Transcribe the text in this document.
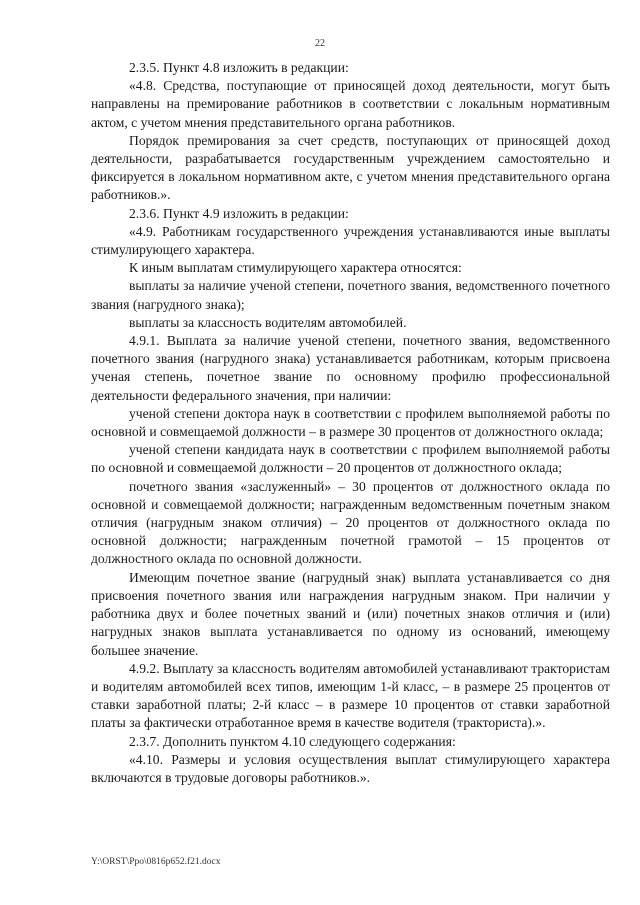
22

2.3.5. Пункт 4.8 изложить в редакции:

«4.8. Средства, поступающие от приносящей доход деятельности, могут быть направлены на премирование работников в соответствии с локальным нормативным актом, с учетом мнения представительного органа работников.

Порядок премирования за счет средств, поступающих от приносящей доход деятельности, разрабатывается государственным учреждением самостоятельно и фиксируется в локальном нормативном акте, с учетом мнения представительного органа работников.».

2.3.6. Пункт 4.9 изложить в редакции:

«4.9. Работникам государственного учреждения устанавливаются иные выплаты стимулирующего характера.

К иным выплатам стимулирующего характера относятся:

выплаты за наличие ученой степени, почетного звания, ведомственного почетного звания (нагрудного знака);

выплаты за классность водителям автомобилей.

4.9.1. Выплата за наличие ученой степени, почетного звания, ведомственного почетного звания (нагрудного знака) устанавливается работникам, которым присвоена ученая степень, почетное звание по основному профилю профессиональной деятельности федерального значения, при наличии:

ученой степени доктора наук в соответствии с профилем выполняемой работы по основной и совмещаемой должности – в размере 30 процентов от должностного оклада;

ученой степени кандидата наук в соответствии с профилем выполняемой работы по основной и совмещаемой должности – 20 процентов от должностного оклада;

почетного звания «заслуженный» – 30 процентов от должностного оклада по основной и совмещаемой должности; награжденным ведомственным почетным знаком отличия (нагрудным знаком отличия) – 20 процентов от должностного оклада по основной должности; награжденным почетной грамотой – 15 процентов от должностного оклада по основной должности.

Имеющим почетное звание (нагрудный знак) выплата устанавливается со дня присвоения почетного звания или награждения нагрудным знаком. При наличии у работника двух и более почетных званий и (или) почетных знаков отличия и (или) нагрудных знаков выплата устанавливается по одному из оснований, имеющему большее значение.

4.9.2. Выплату за классность водителям автомобилей устанавливают трактористам и водителям автомобилей всех типов, имеющим 1-й класс, – в размере 25 процентов от ставки заработной платы; 2-й класс – в размере 10 процентов от ставки заработной платы за фактически отработанное время в качестве водителя (тракториста).».

2.3.7. Дополнить пунктом 4.10 следующего содержания:

«4.10. Размеры и условия осуществления выплат стимулирующего характера включаются в трудовые договоры работников.».

Y:\ORST\Ppo\0816p652.f21.docx
